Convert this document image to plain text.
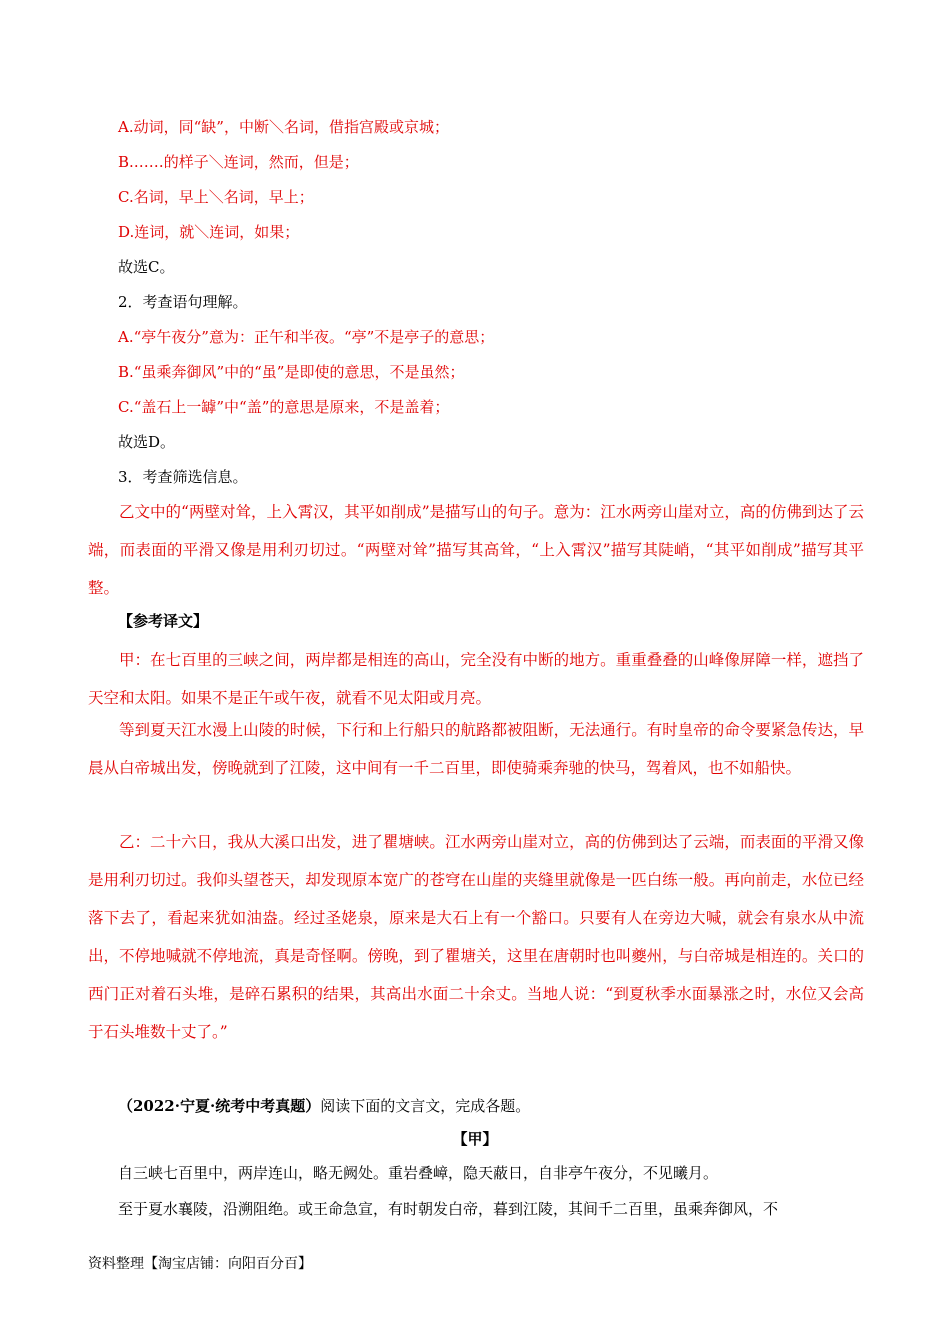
A.动词，同“缺”，中断＼名词，借指宫殿或京城；
B.……的样子＼连词，然而，但是；
C.名词，早上＼名词，早上；
D.连词，就＼连词，如果；
故选C。
2．考查语句理解。
A.“亭午夜分”意为：正午和半夜。“亭”不是亭子的意思；
B.“虽乘奔御风”中的“虽”是即使的意思，不是虽然；
C.“盖石上一罅”中“盖”的意思是原来，不是盖着；
故选D。
3．考查筛选信息。
乙文中的“两壁对耸，上入霄汉，其平如削成”是描写山的句子。意为：江水两旁山崖对立，高的仿佛到达了云端，而表面的平滑又像是用利刃切过。“两壁对耸”描写其高耸，“上入霄汉”描写其陡峭，“其平如削成”描写其平整。
【参考译文】
甲：在七百里的三峡之间，两岸都是相连的高山，完全没有中断的地方。重重叠叠的山峰像屏障一样，遮挡了天空和太阳。如果不是正午或午夜，就看不见太阳或月亮。
等到夏天江水漫上山陵的时候，下行和上行船只的航路都被阻断，无法通行。有时皇帝的命令要紧急传达，早晨从白帝城出发，傍晚就到了江陵，这中间有一千二百里，即使骑乘奔驰的快马，驾着风，也不如船快。
乙：二十六日，我从大溪口出发，进了瞿塘峡。江水两旁山崖对立，高的仿佛到达了云端，而表面的平滑又像是用利刃切过。我仰头望苍天，却发现原本宽广的苍穹在山崖的夹缝里就像是一匹白练一般。再向前走，水位已经落下去了，看起来犹如油盎。经过圣姥泉，原来是大石上有一个豁口。只要有人在旁边大喊，就会有泉水从中流出，不停地喊就不停地流，真是奇怪啊。傍晚，到了瞿塘关，这里在唐朝时也叫夔州，与白帝城是相连的。关口的西门正对着石头堆，是碎石累积的结果，其高出水面二十余丈。当地人说：“到夏秋季水面暴涨之时，水位又会高于石头堆数十丈了。”
（2022·宁夏·统考中考真题）阅读下面的文言文，完成各题。
【甲】
自三峡七百里中，两岸连山，略无阙处。重岩叠嶂，隐天蔽日，自非亭午夜分，不见曦月。
至于夏水襄陵，沿溯阻绝。或王命急宣，有时朝发白帝，暮到江陵，其间千二百里，虽乘奔御风，不
资料整理【淘宝店铺：向阳百分百】
